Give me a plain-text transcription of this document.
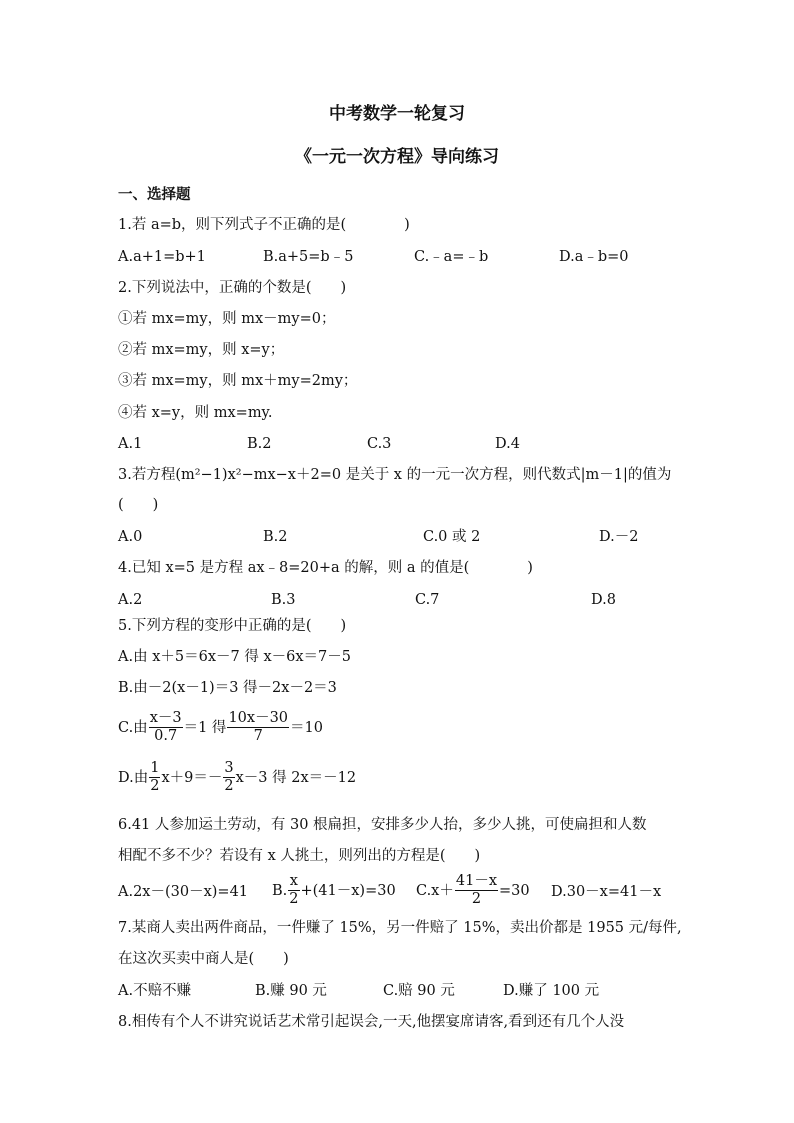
中考数学一轮复习
《一元一次方程》导向练习
一、选择题
1.若 a=b，则下列式子不正确的是(　　　　)
A.a+1=b+1	B.a+5=b﹣5	C.﹣a=﹣b	D.a﹣b=0
2.下列说法中，正确的个数是(　　)
①若 mx=my，则 mx－my=0；
②若 mx=my，则 x=y；
③若 mx=my，则 mx＋my=2my；
④若 x=y，则 mx=my.
A.1	B.2	C.3	D.4
3.若方程(m²−1)x²−mx−x＋2=0 是关于 x 的一元一次方程，则代数式|m－1|的值为
(　　)
A.0	B.2	C.0 或 2	D.－2
4.已知 x=5 是方程 ax﹣8=20+a 的解，则 a 的值是(　　　　)
A.2	B.3	C.7	D.8
5.下列方程的变形中正确的是(　　)
A.由 x＋5＝6x－7 得 x－6x＝7－5
B.由－2(x－1)＝3 得－2x－2＝3
C.由 $\frac{x-3}{0.7} =1$ 得 $\frac{10x-30}{7} =10$
D.由 $\frac{1}{2} x+9=- \frac{3}{2} x-3$ 得 2x＝－12
6.41 人参加运土劳动，有 30 根扁担，安排多少人抬，多少人挑，可使扁担和人数
相配不多不少？若设有 x 人挑土，则列出的方程是(　　)
A.2x－(30－x)=41 B. $\frac{x}{2} +(41-x)=30$ $C.x+ \frac{41-x}{2} =30$ D.30－x=41－x
7.某商人卖出两件商品，一件赚了 15%，另一件赔了 15%，卖出价都是 1955 元/每件,
在这次买卖中商人是(　　)
A.不赔不赚	B.赚 90 元	C.赔 90 元	D.赚了 100 元
8.相传有个人不讲究说话艺术常引起误会,一天,他摆宴席请客,看到还有几个人没
